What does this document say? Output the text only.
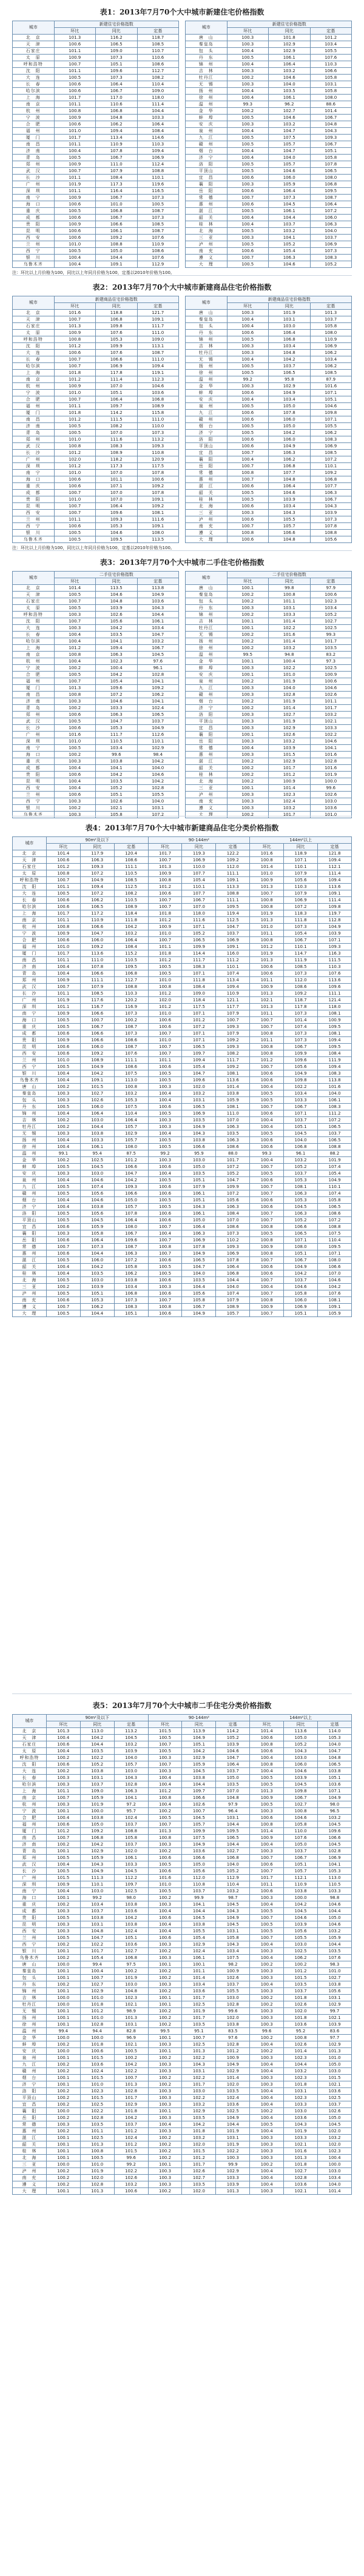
表1：2013年7月70个大中城市新建住宅价格指数
城市	新建住宅价格指数				城市	新建住宅价格指数		
	环比	同比	定基			环比	同比	定基
北　京	101.3	116.2	118.7		唐　山	100.3	101.8	101.2
天　津	100.6	106.5	108.5		秦皇岛	100.3	102.9	103.4
石家庄	101.1	109.0	110.7		包　头	100.4	102.9	105.5
太　原	100.9	107.3	110.6		丹　东	100.5	106.1	107.6
呼和浩特	100.7	105.1	108.6		锦　州	100.4	106.4	110.3
沈　阳	101.1	109.6	112.7		吉　林	100.3	103.2	106.6
大　连	100.5	107.3	108.2		牡丹江	100.2	104.6	105.8
长　春	100.6	106.4	110.4		无　锡	100.3	104.0	103.1
哈尔滨	100.6	106.7	109.0		扬　州	100.4	103.5	105.8
上　海	101.7	117.0	118.0		徐　州	100.4	106.1	108.0
南　京	101.1	110.6	111.4		温　州	99.3	96.2	88.6
杭　州	100.8	106.8	104.4		金　华	100.2	102.7	101.4
宁　波	100.9	104.8	103.3		蚌　埠	100.5	104.6	106.7
合　肥	100.6	106.2	106.4		安　庆	100.3	103.2	104.8
福　州	101.0	109.4	108.4		泉　州	100.4	104.7	104.3
厦　门	101.7	113.4	114.6		九　江	100.5	107.5	109.3
南　昌	101.1	110.9	110.3		赣　州	100.5	105.7	106.7
济　南	100.4	107.8	109.4		烟　台	100.4	104.7	105.1
青　岛	100.5	106.7	106.9		济　宁	100.4	104.0	105.8
郑　州	100.9	111.0	112.4		洛　阳	100.5	105.7	107.8
武　汉	100.7	107.9	108.8		平顶山	100.5	104.6	106.5
长　沙	101.1	108.4	110.1		宜　昌	100.6	106.0	108.0
广　州	101.9	117.3	119.6		襄　阳	100.3	105.9	106.8
深　圳	101.1	116.4	116.5		岳　阳	100.6	106.4	109.5
南　宁	100.9	106.7	107.3		常　德	100.7	107.3	108.7
海　口	100.6	101.0	100.5		惠　州	100.6	104.5	106.4
重　庆	100.5	106.8	108.7		湛　江	100.5	106.1	107.2
成　都	100.6	106.7	107.3		韶　关	100.4	104.4	106.0
贵　阳	100.9	106.6	108.5		桂　林	100.4	103.7	106.3
昆　明	100.6	106.1	108.7		北　海	100.5	103.2	104.0
西　安	100.6	109.2	107.6		三　亚	100.3	104.1	103.7
兰　州	101.0	108.8	110.9		泸　州	100.5	105.2	106.9
西　宁	100.5	105.0	108.6		南　充	100.6	105.4	107.3
银　川	100.4	104.4	107.6		遵　义	100.7	106.3	108.3
乌鲁木齐	100.4	109.1	112.9		大　理	100.5	104.6	105.2
注：环比以上月价格为100，同比以上年同月价格为100，定基以2010年价格为100。
表2：2013年7月70个大中城市新建商品住宅价格指数
城市	新建商品住宅价格指数				城市	新建商品住宅价格指数		
	环比	同比	定基			环比	同比	定基
北　京	101.6	118.8	121.7		唐　山	100.3	101.9	101.3
天　津	100.7	106.8	109.1		秦皇岛	100.4	103.1	103.7
石家庄	101.3	109.8	111.7		包　头	100.4	103.0	105.8
太　原	100.9	107.6	111.0		丹　东	100.6	106.4	108.0
呼和浩特	100.8	105.3	109.0		锦　州	100.5	106.8	110.9
沈　阳	101.2	109.9	113.1		吉　林	100.3	103.4	106.9
大　连	100.6	107.6	108.7		牡丹江	100.3	104.8	106.2
长　春	100.7	106.6	111.0		无　锡	100.4	104.2	103.4
哈尔滨	100.7	106.9	109.4		扬　州	100.5	103.7	106.2
上　海	101.8	117.8	119.1		徐　州	100.5	106.5	108.5
南　京	101.2	111.4	112.3		温　州	99.2	95.8	87.9
杭　州	100.9	107.0	104.6		金　华	100.3	102.9	101.6
宁　波	101.0	105.1	103.6		蚌　埠	100.6	104.9	107.1
合　肥	100.7	106.4	106.8		安　庆	100.4	103.4	105.1
福　州	101.1	109.7	108.9		泉　州	100.5	105.0	104.6
厦　门	101.8	114.2	115.8		九　江	100.6	107.8	109.8
南　昌	101.2	111.5	111.0		赣　州	100.6	106.0	107.1
济　南	100.5	108.2	110.0		烟　台	100.5	105.0	105.5
青　岛	100.5	107.0	107.3		济　宁	100.5	104.2	106.2
郑　州	101.0	111.6	113.2		洛　阳	100.6	106.0	108.3
武　汉	100.8	108.3	109.3		平顶山	100.6	104.9	106.9
长　沙	101.2	108.9	110.8		宜　昌	100.7	106.3	108.5
广　州	102.0	118.2	120.9		襄　阳	100.4	106.2	107.2
深　圳	101.2	117.3	117.5		岳　阳	100.7	106.8	110.1
南　宁	101.0	107.0	107.8		常　德	100.8	107.7	109.2
海　口	100.6	101.1	100.6		惠　州	100.7	104.8	106.8
重　庆	100.6	107.1	109.2		湛　江	100.6	106.4	107.7
成　都	100.7	107.0	107.8		韶　关	100.5	104.6	106.3
贵　阳	101.0	107.0	109.1		桂　林	100.5	103.9	106.7
昆　明	100.7	106.4	109.2		北　海	100.6	103.4	104.3
西　安	100.7	109.6	108.1		三　亚	100.3	104.3	103.9
兰　州	101.1	109.3	111.6		泸　州	100.6	105.5	107.3
西　宁	100.6	105.3	109.1		南　充	100.7	105.7	107.8
银　川	100.5	104.6	108.0		遵　义	100.8	106.6	108.8
乌鲁木齐	100.5	109.5	113.5		大　理	100.6	104.8	105.6
注：环比以上月价格为100，同比以上年同月价格为100，定基以2010年价格为100。
表3：2013年7月70个大中城市二手住宅价格指数
城市	二手住宅价格指数				城市	二手住宅价格指数		
	环比	同比	定基			环比	同比	定基
北　京	101.4	113.5	113.8		唐　山	100.1	99.8	97.9
天　津	100.5	104.6	104.9		秦皇岛	100.2	100.8	100.6
石家庄	100.7	104.8	103.6		包　头	100.2	101.1	102.3
太　原	100.5	103.9	104.3		丹　东	100.3	103.1	103.4
呼和浩特	100.3	102.6	104.4		锦　州	100.2	103.3	105.2
沈　阳	100.7	105.6	106.1		吉　林	100.1	101.4	102.7
大　连	100.3	104.2	103.4		牡丹江	100.1	102.2	102.5
长　春	100.4	103.5	104.7		无　锡	100.2	101.6	99.3
哈尔滨	100.4	104.1	103.2		扬　州	100.2	101.4	101.7
上　海	101.2	109.4	106.7		徐　州	100.2	103.2	103.5
南　京	100.8	106.3	104.5		温　州	99.5	94.8	83.2
杭　州	100.4	102.3	97.6		金　华	100.1	100.4	97.3
宁　波	100.2	100.4	96.1		蚌　埠	100.3	102.2	102.5
合　肥	100.5	104.2	102.8		安　庆	100.1	101.0	100.9
福　州	100.7	105.4	104.1		泉　州	100.2	101.9	100.6
厦　门	101.3	109.6	109.2		九　江	100.3	104.0	104.6
南　昌	100.8	107.2	106.2		赣　州	100.3	102.8	102.6
济　南	100.3	104.6	104.1		烟　台	100.2	101.9	101.1
青　岛	100.2	103.3	102.4		济　宁	100.2	101.4	101.7
郑　州	100.6	106.3	106.5		洛　阳	100.3	102.7	103.2
武　汉	100.5	104.7	103.7		平顶山	100.3	101.9	102.1
长　沙	100.6	105.3	104.9		宜　昌	100.3	102.9	103.3
广　州	101.6	111.7	112.6		襄　阳	100.1	102.6	102.2
深　圳	101.0	110.5	110.1		岳　阳	100.3	103.2	104.6
南　宁	100.5	103.4	102.9		常　德	100.4	103.9	104.1
海　口	100.2	99.6	98.4		惠　州	100.3	101.5	101.6
重　庆	100.3	103.8	104.2		湛　江	100.2	102.9	102.8
成　都	100.4	104.1	104.0		韶　关	100.2	101.7	101.6
贵　阳	100.6	104.2	104.6		桂　林	100.2	101.2	101.9
昆　明	100.4	103.5	104.2		北　海	100.2	100.9	100.0
西　安	100.4	105.2	102.8		三　亚	100.1	101.4	99.6
兰　州	100.6	105.1	105.5		泸　州	100.3	102.3	102.6
西　宁	100.3	102.6	104.0		南　充	100.3	102.4	103.0
银　川	100.2	102.1	103.1		遵　义	100.3	103.2	103.6
乌鲁木齐	100.3	105.8	107.2		大　理	100.2	101.7	101.0
表4：2013年7月70个大中城市新建商品住宅分类价格指数
城市	90m²及以下			90-144m²			144m²以上		
	环比	同比	定基	环比	同比	定基	环比	同比	定基
北　京	101.4	117.9	120.4	101.7	119.3	122.2	101.6	118.9	121.8
天　津	100.6	106.3	108.6	100.7	106.9	109.2	100.8	107.1	109.4
石家庄	101.2	109.3	111.1	101.3	110.0	112.0	101.4	110.1	112.1
太　原	100.8	107.2	110.5	100.9	107.7	111.1	101.0	107.9	111.4
呼和浩特	100.7	104.9	108.5	100.8	105.4	109.1	100.9	105.6	109.4
沈　阳	101.1	109.4	112.5	101.2	110.1	113.3	101.3	110.3	113.6
大　连	100.5	107.2	108.2	100.6	107.7	108.8	100.7	107.9	109.1
长　春	100.6	106.2	110.5	100.7	106.7	111.1	100.8	106.9	111.4
哈尔滨	100.6	106.5	108.9	100.7	107.0	109.5	100.8	107.2	109.8
上　海	101.7	117.2	118.4	101.8	118.0	119.4	101.9	118.3	119.7
南　京	101.1	110.9	111.8	101.2	111.6	112.5	101.3	111.8	112.8
杭　州	100.8	106.6	104.2	100.9	107.1	104.7	101.0	107.3	104.9
宁　波	100.9	104.7	103.2	101.0	105.2	103.7	101.1	105.4	103.9
合　肥	100.6	106.0	106.4	100.7	106.5	106.9	100.8	106.7	107.1
福　州	101.0	109.2	108.4	101.1	109.9	109.1	101.2	110.1	109.3
厦　门	101.7	113.6	115.2	101.8	114.4	116.0	101.9	114.7	116.3
南　昌	101.1	111.0	110.5	101.2	111.7	111.2	101.3	111.9	111.5
济　南	100.4	107.8	109.5	100.5	108.3	110.1	100.6	108.5	110.3
青　岛	100.4	106.6	106.8	100.5	107.1	107.4	100.6	107.3	107.6
郑　州	100.9	111.1	112.7	101.0	111.8	113.4	101.1	112.0	113.6
武　汉	100.7	107.9	108.8	100.8	108.4	109.4	100.9	108.6	109.6
长　沙	101.1	108.5	110.3	101.2	109.0	110.9	101.3	109.2	111.1
广　州	101.9	117.6	120.2	102.0	118.4	121.1	102.1	118.7	121.4
深　圳	101.1	116.7	116.9	101.2	117.5	117.7	101.3	117.8	118.0
南　宁	100.9	106.6	107.3	101.0	107.1	107.9	101.1	107.3	108.1
海　口	100.5	100.7	100.2	100.6	101.2	100.7	100.7	101.4	100.9
重　庆	100.5	106.7	108.7	100.6	107.2	109.3	100.7	107.4	109.5
成　都	100.6	106.6	107.3	100.7	107.1	107.9	100.8	107.3	108.1
贵　阳	100.9	106.6	108.6	101.0	107.1	109.2	101.1	107.3	109.4
昆　明	100.6	106.0	108.7	100.7	106.5	109.3	100.8	106.7	109.5
西　安	100.6	109.2	107.6	100.7	109.7	108.2	100.8	109.9	108.4
兰　州	101.0	108.9	111.1	101.1	109.4	111.7	101.2	109.6	111.9
西　宁	100.5	104.9	108.6	100.6	105.4	109.2	100.7	105.6	109.4
银　川	100.4	104.2	107.5	100.5	104.7	108.1	100.6	104.9	108.3
乌鲁木齐	100.4	109.1	113.0	100.5	109.6	113.6	100.6	109.8	113.8
唐　山	100.2	101.5	100.8	100.3	102.0	101.4	100.4	102.2	101.6
秦皇岛	100.3	102.7	103.2	100.4	103.2	103.8	100.5	103.4	104.0
包　头	100.3	102.6	105.3	100.4	103.1	105.9	100.5	103.3	106.1
丹　东	100.5	106.0	107.5	100.6	106.5	108.1	100.7	106.7	108.3
锦　州	100.4	106.4	110.4	100.5	106.9	111.0	100.6	107.1	111.2
吉　林	100.2	103.0	106.4	100.3	103.5	107.0	100.4	103.7	107.2
牡丹江	100.2	104.4	105.7	100.3	104.9	106.3	100.4	105.1	106.5
无　锡	100.3	103.8	102.9	100.4	104.3	103.5	100.5	104.5	103.7
扬　州	100.4	103.3	105.7	100.5	103.8	106.3	100.6	104.0	106.5
徐　州	100.4	106.1	108.0	100.5	106.6	108.6	100.6	106.8	108.8
温　州	99.1	95.4	87.5	99.2	95.9	88.0	99.3	96.1	88.2
金　华	100.2	102.5	101.2	100.3	103.0	101.7	100.4	103.2	101.9
蚌　埠	100.5	104.5	106.6	100.6	105.0	107.2	100.7	105.2	107.4
安　庆	100.3	103.0	104.7	100.4	103.5	105.2	100.5	103.7	105.4
泉　州	100.4	104.6	104.2	100.5	105.1	104.7	100.6	105.3	104.9
九　江	100.5	107.4	109.3	100.6	107.9	109.9	100.7	108.1	110.1
赣　州	100.5	105.6	106.6	100.6	106.1	107.2	100.7	106.3	107.4
烟　台	100.4	104.6	105.0	100.5	105.1	105.6	100.6	105.3	105.8
济　宁	100.4	103.8	105.7	100.5	104.3	106.3	100.6	104.5	106.5
洛　阳	100.5	105.6	107.8	100.6	106.1	108.4	100.7	106.3	108.6
平顶山	100.5	104.5	106.4	100.6	105.0	107.0	100.7	105.2	107.2
宜　昌	100.6	105.9	108.0	100.7	106.4	108.6	100.8	106.6	108.8
襄　阳	100.3	105.8	106.7	100.4	106.3	107.3	100.5	106.5	107.5
岳　阳	100.6	106.4	109.6	100.7	106.9	110.2	100.8	107.1	110.4
常　德	100.7	107.3	108.7	100.8	107.8	109.3	100.9	108.0	109.5
惠　州	100.6	104.4	106.3	100.7	104.9	106.9	100.8	105.1	107.1
湛　江	100.5	106.0	107.2	100.6	106.5	107.8	100.7	106.7	108.0
韶　关	100.4	104.2	105.8	100.5	104.7	106.4	100.6	104.9	106.6
桂　林	100.4	103.5	106.2	100.5	104.0	106.8	100.6	104.2	107.0
北　海	100.5	103.0	103.8	100.6	103.5	104.4	100.7	103.7	104.6
三　亚	100.2	103.9	103.4	100.3	104.4	104.0	100.4	104.6	104.2
泸　州	100.5	105.1	106.8	100.6	105.6	107.4	100.7	105.8	107.6
南　充	100.6	105.3	107.3	100.7	105.8	107.9	100.8	106.0	108.1
遵　义	100.7	106.2	108.3	100.8	106.7	108.9	100.9	106.9	109.1
大　理	100.5	104.4	105.1	100.6	104.9	105.7	100.7	105.1	105.9
表5：2013年7月70个大中城市二手住宅分类价格指数
城市	90m²及以下			90-144m²			144m²以上		
	环比	同比	定基	环比	同比	定基	环比	同比	定基
北　京	101.3	113.0	113.2	101.5	113.9	114.2	101.4	113.6	114.0
天　津	100.4	104.2	104.5	100.5	104.9	105.2	100.6	105.0	105.3
石家庄	100.6	104.4	103.2	100.7	105.1	103.9	100.8	105.2	104.0
太　原	100.4	103.5	103.9	100.5	104.2	104.6	100.6	104.3	104.7
呼和浩特	100.2	102.2	104.0	100.3	102.9	104.7	100.4	103.0	104.8
沈　阳	100.6	105.2	105.7	100.7	105.9	106.4	100.8	106.0	106.5
大　连	100.2	103.8	103.0	100.3	104.5	103.7	100.4	104.6	103.8
长　春	100.3	103.1	104.3	100.4	103.8	105.0	100.5	103.9	105.1
哈尔滨	100.3	103.7	102.8	100.4	104.4	103.5	100.5	104.5	103.6
上　海	101.1	109.0	106.3	101.2	109.7	107.0	101.3	109.8	107.1
南　京	100.7	105.9	104.1	100.8	106.6	104.8	100.9	106.7	104.9
杭　州	100.3	101.9	97.2	100.4	102.6	97.9	100.5	102.7	98.0
宁　波	100.1	100.0	95.7	100.2	100.7	96.4	100.3	100.8	96.5
合　肥	100.4	103.8	102.4	100.5	104.5	103.1	100.6	104.6	103.2
福　州	100.6	105.0	103.7	100.7	105.7	104.4	100.8	105.8	104.5
厦　门	101.2	109.2	108.8	101.3	109.9	109.5	101.4	110.0	109.6
南　昌	100.7	106.8	105.8	100.8	107.5	106.5	100.9	107.6	106.6
济　南	100.2	104.2	103.7	100.3	104.9	104.4	100.4	105.0	104.5
青　岛	100.1	102.9	102.0	100.2	103.6	102.7	100.3	103.7	102.8
郑　州	100.5	105.9	106.1	100.6	106.6	106.8	100.7	106.7	106.9
武　汉	100.4	104.3	103.3	100.5	105.0	104.0	100.6	105.1	104.1
长　沙	100.5	104.9	104.5	100.6	105.6	105.2	100.7	105.7	105.3
广　州	101.5	111.3	112.2	101.6	112.0	112.9	101.7	112.1	113.0
深　圳	100.9	110.1	109.7	101.0	110.8	110.4	101.1	110.9	110.5
南　宁	100.4	103.0	102.5	100.5	103.7	103.2	100.6	103.8	103.3
海　口	100.1	99.2	98.0	100.2	99.9	98.7	100.3	100.0	98.8
重　庆	100.2	103.4	103.8	100.3	104.1	104.5	100.4	104.2	104.6
成　都	100.3	103.7	103.6	100.4	104.4	104.3	100.5	104.5	104.4
贵　阳	100.5	103.8	104.2	100.6	104.5	104.9	100.7	104.6	105.0
昆　明	100.3	103.1	103.8	100.4	103.8	104.5	100.5	103.9	104.6
西　安	100.3	104.8	102.4	100.4	105.5	103.1	100.5	105.6	103.2
兰　州	100.5	104.7	105.1	100.6	105.4	105.8	100.7	105.5	105.9
西　宁	100.2	102.2	103.6	100.3	102.9	104.3	100.4	103.0	104.4
银　川	100.1	101.7	102.7	100.2	102.4	103.4	100.3	102.5	103.5
乌鲁木齐	100.2	105.4	106.8	100.3	106.1	107.5	100.4	106.2	107.6
唐　山	100.0	99.4	97.5	100.1	100.1	98.2	100.2	100.2	98.3
秦皇岛	100.1	100.4	100.2	100.2	101.1	100.9	100.3	101.2	101.0
包　头	100.1	100.7	101.9	100.2	101.4	102.6	100.3	101.5	102.7
丹　东	100.2	102.7	103.0	100.3	103.4	103.7	100.4	103.5	103.8
锦　州	100.1	102.9	104.8	100.2	103.6	105.5	100.3	103.7	105.6
吉　林	100.0	101.0	102.3	100.1	101.7	103.0	100.2	101.8	103.1
牡丹江	100.0	101.8	102.1	100.1	102.5	102.8	100.2	102.6	102.9
无　锡	100.1	101.2	98.9	100.2	101.9	99.6	100.3	102.0	99.7
扬　州	100.1	101.0	101.3	100.2	101.7	102.0	100.3	101.8	102.1
徐　州	100.1	102.8	103.1	100.2	103.5	103.8	100.3	103.6	103.9
温　州	99.4	94.4	82.8	99.5	95.1	83.5	99.6	95.2	83.6
金　华	100.0	100.0	96.9	100.1	100.7	97.6	100.2	100.8	97.7
蚌　埠	100.2	101.8	102.1	100.3	102.5	102.8	100.4	102.6	102.9
安　庆	100.0	100.6	100.5	100.1	101.3	101.2	100.2	101.4	101.3
泉　州	100.1	101.5	100.2	100.2	102.2	100.9	100.3	102.3	101.0
九　江	100.2	103.6	104.2	100.3	104.3	104.9	100.4	104.4	105.0
赣　州	100.2	102.4	102.2	100.3	103.1	102.9	100.4	103.2	103.0
烟　台	100.1	101.5	100.7	100.2	102.2	101.4	100.3	102.3	101.5
济　宁	100.1	101.0	101.3	100.2	101.7	102.0	100.3	101.8	102.1
洛　阳	100.2	102.3	102.8	100.3	103.0	103.5	100.4	103.1	103.6
平顶山	100.2	101.5	101.7	100.3	102.2	102.4	100.4	102.3	102.5
宜　昌	100.2	102.5	102.9	100.3	103.2	103.6	100.4	103.3	103.7
襄　阳	100.0	102.2	101.8	100.1	102.9	102.5	100.2	103.0	102.6
岳　阳	100.2	102.8	104.2	100.3	103.5	104.9	100.4	103.6	105.0
常　德	100.3	103.5	103.7	100.4	104.2	104.4	100.5	104.3	104.5
惠　州	100.2	101.1	101.2	100.3	101.8	101.9	100.4	101.9	102.0
湛　江	100.1	102.5	102.4	100.2	103.2	103.1	100.3	103.3	103.2
韶　关	100.1	101.3	101.2	100.2	102.0	101.9	100.3	102.1	102.0
桂　林	100.1	100.8	101.5	100.2	101.5	102.2	100.3	101.6	102.3
北　海	100.1	100.5	99.6	100.2	101.2	100.3	100.3	101.3	100.4
三　亚	100.0	101.0	99.2	100.1	101.7	99.9	100.2	101.8	100.0
泸　州	100.2	101.9	102.2	100.3	102.6	102.9	100.4	102.7	103.0
南　充	100.2	102.0	102.6	100.3	102.7	103.3	100.4	102.8	103.4
遵　义	100.2	102.8	103.2	100.3	103.5	103.9	100.4	103.6	104.0
大　理	100.1	101.3	100.6	100.2	102.0	101.3	100.3	102.1	101.4
